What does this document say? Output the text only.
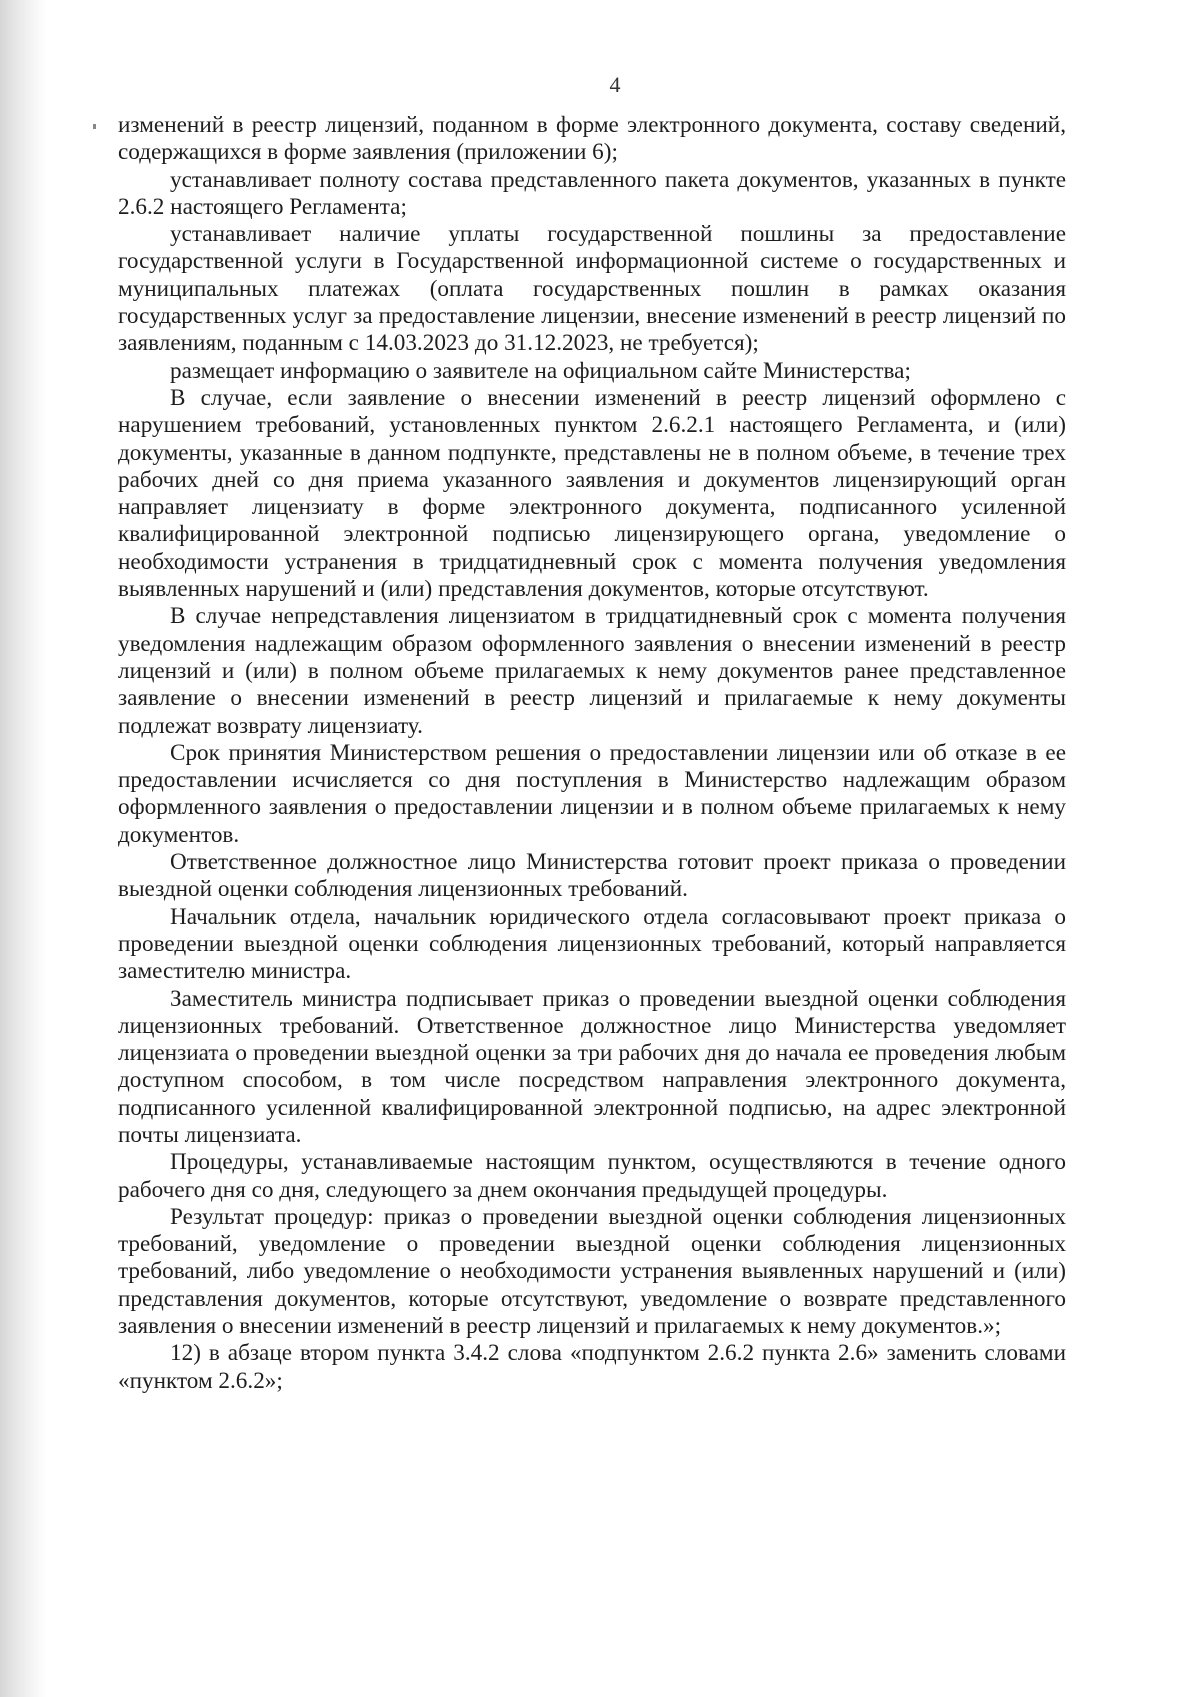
4

изменений в реестр лицензий, поданном в форме электронного документа, составу сведений, содержащихся в форме заявления (приложении 6);

устанавливает полноту состава представленного пакета документов, указанных в пункте 2.6.2 настоящего Регламента;

устанавливает наличие уплаты государственной пошлины за предоставление государственной услуги в Государственной информационной системе о государственных и муниципальных платежах (оплата государственных пошлин в рамках оказания государственных услуг за предоставление лицензии, внесение изменений в реестр лицензий по заявлениям, поданным с 14.03.2023 до 31.12.2023, не требуется);

размещает информацию о заявителе на официальном сайте Министерства;

В случае, если заявление о внесении изменений в реестр лицензий оформлено с нарушением требований, установленных пунктом 2.6.2.1 настоящего Регламента, и (или) документы, указанные в данном подпункте, представлены не в полном объеме, в течение трех рабочих дней со дня приема указанного заявления и документов лицензирующий орган направляет лицензиату в форме электронного документа, подписанного усиленной квалифицированной электронной подписью лицензирующего органа, уведомление о необходимости устранения в тридцатидневный срок с момента получения уведомления выявленных нарушений и (или) представления документов, которые отсутствуют.

В случае непредставления лицензиатом в тридцатидневный срок с момента получения уведомления надлежащим образом оформленного заявления о внесении изменений в реестр лицензий и (или) в полном объеме прилагаемых к нему документов ранее представленное заявление о внесении изменений в реестр лицензий и прилагаемые к нему документы подлежат возврату лицензиату.

Срок принятия Министерством решения о предоставлении лицензии или об отказе в ее предоставлении исчисляется со дня поступления в Министерство надлежащим образом оформленного заявления о предоставлении лицензии и в полном объеме прилагаемых к нему документов.

Ответственное должностное лицо Министерства готовит проект приказа о проведении выездной оценки соблюдения лицензионных требований.

Начальник отдела, начальник юридического отдела согласовывают проект приказа о проведении выездной оценки соблюдения лицензионных требований, который направляется заместителю министра.

Заместитель министра подписывает приказ о проведении выездной оценки соблюдения лицензионных требований. Ответственное должностное лицо Министерства уведомляет лицензиата о проведении выездной оценки за три рабочих дня до начала ее проведения любым доступном способом, в том числе посредством направления электронного документа, подписанного усиленной квалифицированной электронной подписью, на адрес электронной почты лицензиата.

Процедуры, устанавливаемые настоящим пунктом, осуществляются в течение одного рабочего дня со дня, следующего за днем окончания предыдущей процедуры.

Результат процедур: приказ о проведении выездной оценки соблюдения лицензионных требований, уведомление о проведении выездной оценки соблюдения лицензионных требований, либо уведомление о необходимости устранения выявленных нарушений и (или) представления документов, которые отсутствуют, уведомление о возврате представленного заявления о внесении изменений в реестр лицензий и прилагаемых к нему документов.»;

12) в абзаце втором пункта 3.4.2 слова «подпунктом 2.6.2 пункта 2.6» заменить словами «пунктом 2.6.2»;
